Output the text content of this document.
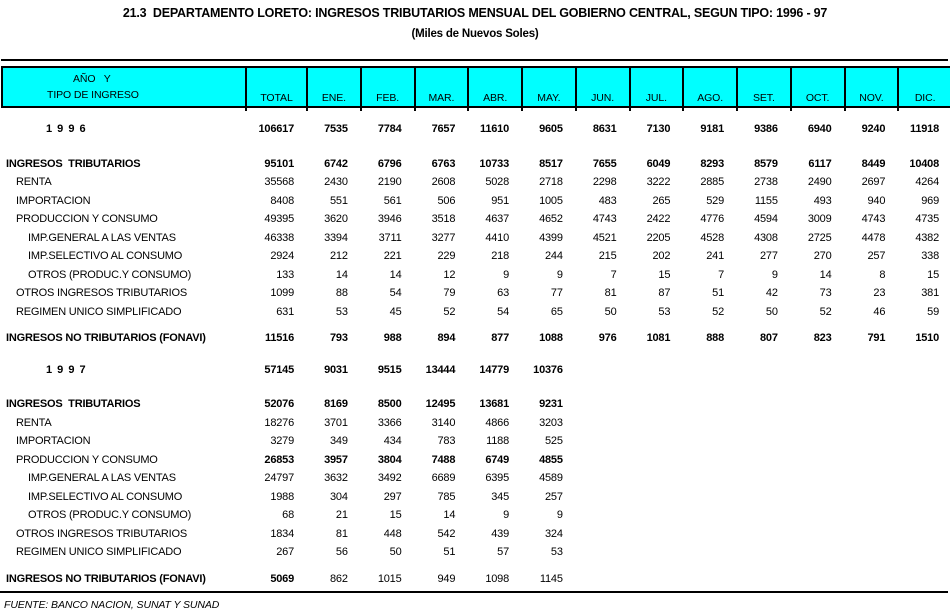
21.3  DEPARTAMENTO LORETO: INGRESOS TRIBUTARIOS MENSUAL DEL GOBIERNO CENTRAL, SEGUN TIPO: 1996 - 97
(Miles de Nuevos Soles)
AÑO   Y
TIPO DE INGRESO	TOTAL	ENE.	FEB.	MAR.	ABR.	MAY.	JUN.	JUL.	AGO.	SET.	OCT.	NOV.	DIC.
1 9 9 6	106617	7535	7784	7657	11610	9605	8631	7130	9181	9386	6940	9240	11918
INGRESOS  TRIBUTARIOS	95101	6742	6796	6763	10733	8517	7655	6049	8293	8579	6117	8449	10408
RENTA	35568	2430	2190	2608	5028	2718	2298	3222	2885	2738	2490	2697	4264
IMPORTACION	8408	551	561	506	951	1005	483	265	529	1155	493	940	969
PRODUCCION Y CONSUMO	49395	3620	3946	3518	4637	4652	4743	2422	4776	4594	3009	4743	4735
IMP.GENERAL A LAS VENTAS	46338	3394	3711	3277	4410	4399	4521	2205	4528	4308	2725	4478	4382
IMP.SELECTIVO AL CONSUMO	2924	212	221	229	218	244	215	202	241	277	270	257	338
OTROS (PRODUC.Y CONSUMO)	133	14	14	12	9	9	7	15	7	9	14	8	15
OTROS INGRESOS TRIBUTARIOS	1099	88	54	79	63	77	81	87	51	42	73	23	381
REGIMEN UNICO SIMPLIFICADO	631	53	45	52	54	65	50	53	52	50	52	46	59
INGRESOS NO TRIBUTARIOS (FONAVI)	11516	793	988	894	877	1088	976	1081	888	807	823	791	1510
1 9 9 7	57145	9031	9515	13444	14779	10376
INGRESOS  TRIBUTARIOS	52076	8169	8500	12495	13681	9231
RENTA	18276	3701	3366	3140	4866	3203
IMPORTACION	3279	349	434	783	1188	525
PRODUCCION Y CONSUMO	26853	3957	3804	7488	6749	4855
IMP.GENERAL A LAS VENTAS	24797	3632	3492	6689	6395	4589
IMP.SELECTIVO AL CONSUMO	1988	304	297	785	345	257
OTROS (PRODUC.Y CONSUMO)	68	21	15	14	9	9
OTROS INGRESOS TRIBUTARIOS	1834	81	448	542	439	324
REGIMEN UNICO SIMPLIFICADO	267	56	50	51	57	53
INGRESOS NO TRIBUTARIOS (FONAVI)	5069	862	1015	949	1098	1145
FUENTE: BANCO NACION, SUNAT Y SUNAD
